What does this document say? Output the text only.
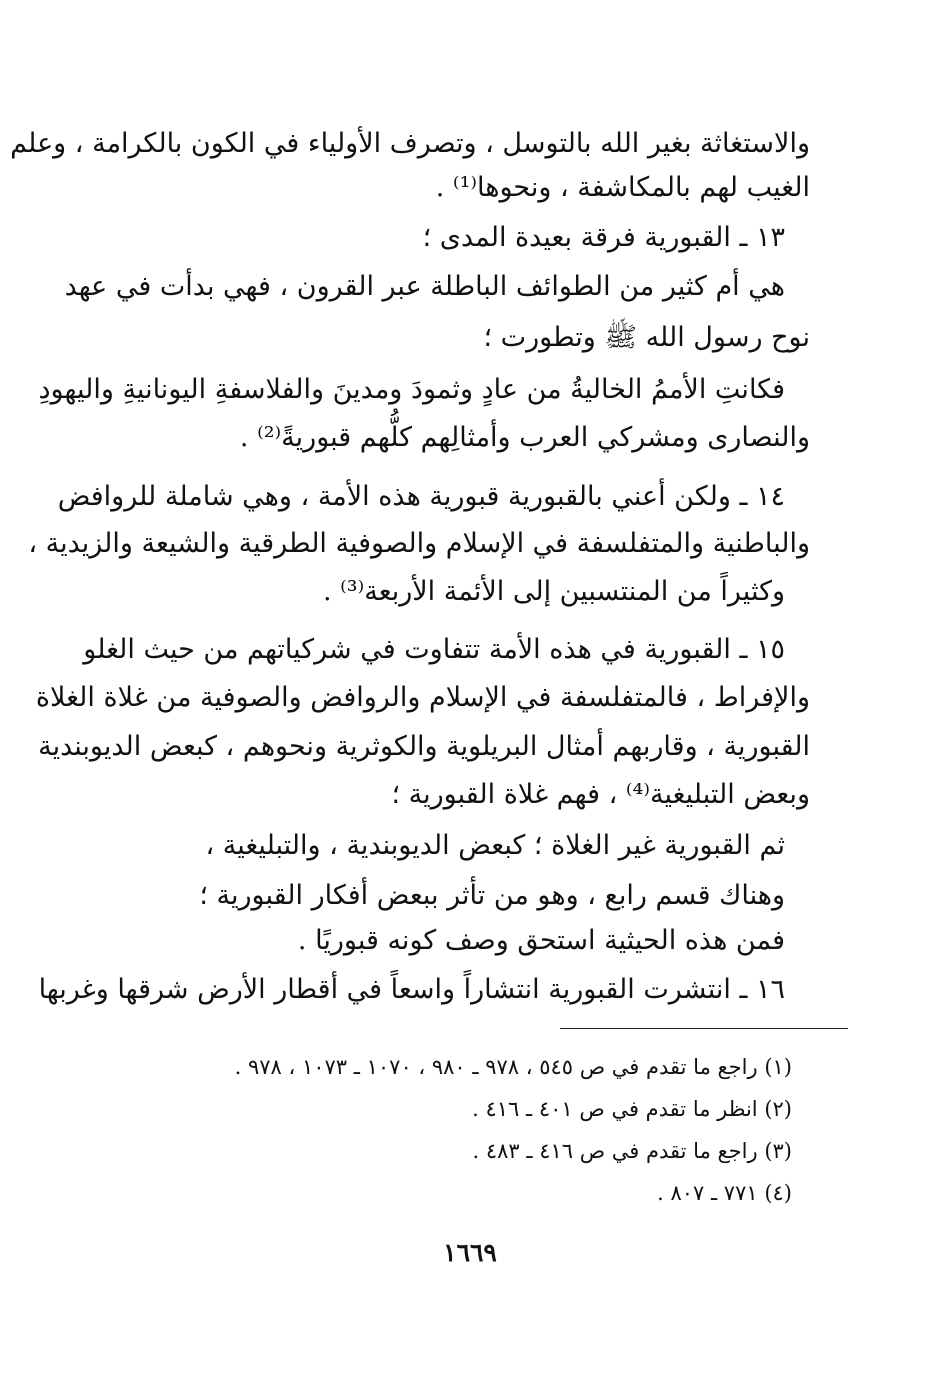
والاستغاثة بغير الله بالتوسل ، وتصرف الأولياء في الكون بالكرامة ، وعلم
الغيب لهم بالمكاشفة ، ونحوها⁽¹⁾ .
١٣ ـ القبورية فرقة بعيدة المدى ؛
هي أم كثير من الطوائف الباطلة عبر القرون ، فهي بدأت في عهد
نوح رسول الله ﷺ وتطورت ؛
فكانتِ الأممُ الخاليةُ من عادٍ وثمودَ ومدينَ والفلاسفةِ اليونانيةِ واليهودِ
والنصارى ومشركي العرب وأمثالِهم كلُّهم قبوريةً⁽²⁾ .
١٤ ـ ولكن أعني بالقبورية قبورية هذه الأمة ، وهي شاملة للروافض
والباطنية والمتفلسفة في الإسلام والصوفية الطرقية والشيعة والزيدية ،
وكثيراً من المنتسبين إلى الأئمة الأربعة⁽³⁾ .
١٥ ـ القبورية في هذه الأمة تتفاوت في شركياتهم من حيث الغلو
والإفراط ، فالمتفلسفة في الإسلام والروافض والصوفية من غلاة الغلاة
القبورية ، وقاربهم أمثال البريلوية والكوثرية ونحوهم ، كبعض الديوبندية
وبعض التبليغية⁽⁴⁾ ، فهم غلاة القبورية ؛
ثم القبورية غير الغلاة ؛ كبعض الديوبندية ، والتبليغية ،
وهناك قسم رابع ، وهو من تأثر ببعض أفكار القبورية ؛
فمن هذه الحيثية استحق وصف كونه قبوريًا .
١٦ ـ انتشرت القبورية انتشاراً واسعاً في أقطار الأرض شرقها وغربها
(١) راجع ما تقدم في ص ٥٤٥ ، ٩٧٨ ـ ٩٨٠ ، ١٠٧٠ ـ ١٠٧٣ ، ٩٧٨ .
(٢) انظر ما تقدم في ص ٤٠١ ـ ٤١٦ .
(٣) راجع ما تقدم في ص ٤١٦ ـ ٤٨٣ .
(٤) ٧٧١ ـ ٨٠٧ .
١٦٦٩
